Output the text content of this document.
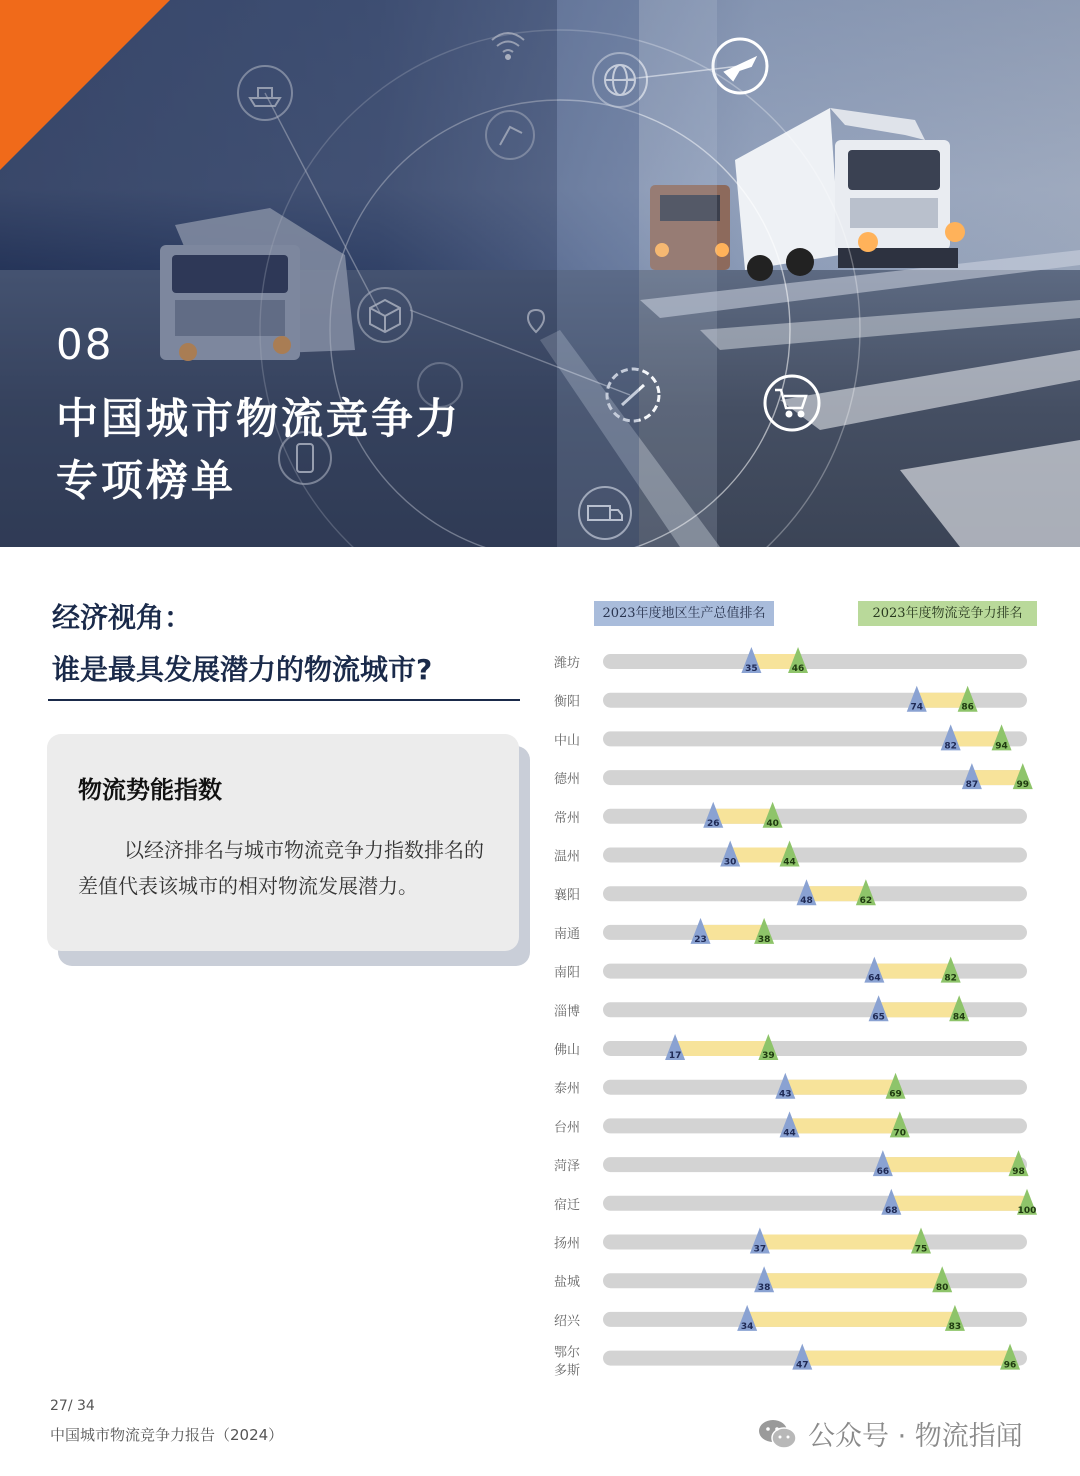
08
中国城市物流竞争力
专项榜单
经济视角：
谁是最具发展潜力的物流城市?
物流势能指数
以经济排名与城市物流竞争力指数排名的差值代表该城市的相对物流发展潜力。
2023年度地区生产总值排名	2023年度物流竞争力排名
潍坊	35	46
衡阳	74	86
中山	82	94
德州	87	99
常州	26	40
温州	30	44
襄阳	48	62
南通	23	38
南阳	64	82
淄博	65	84
佛山	17	39
泰州	43	69
台州	44	70
菏泽	66	98
宿迁	68	100
扬州	37	75
盐城	38	80
绍兴	34	83
鄂尔
多斯	47	96
27/ 34
中国城市物流竞争力报告（2024）	公众号 · 物流指闻
